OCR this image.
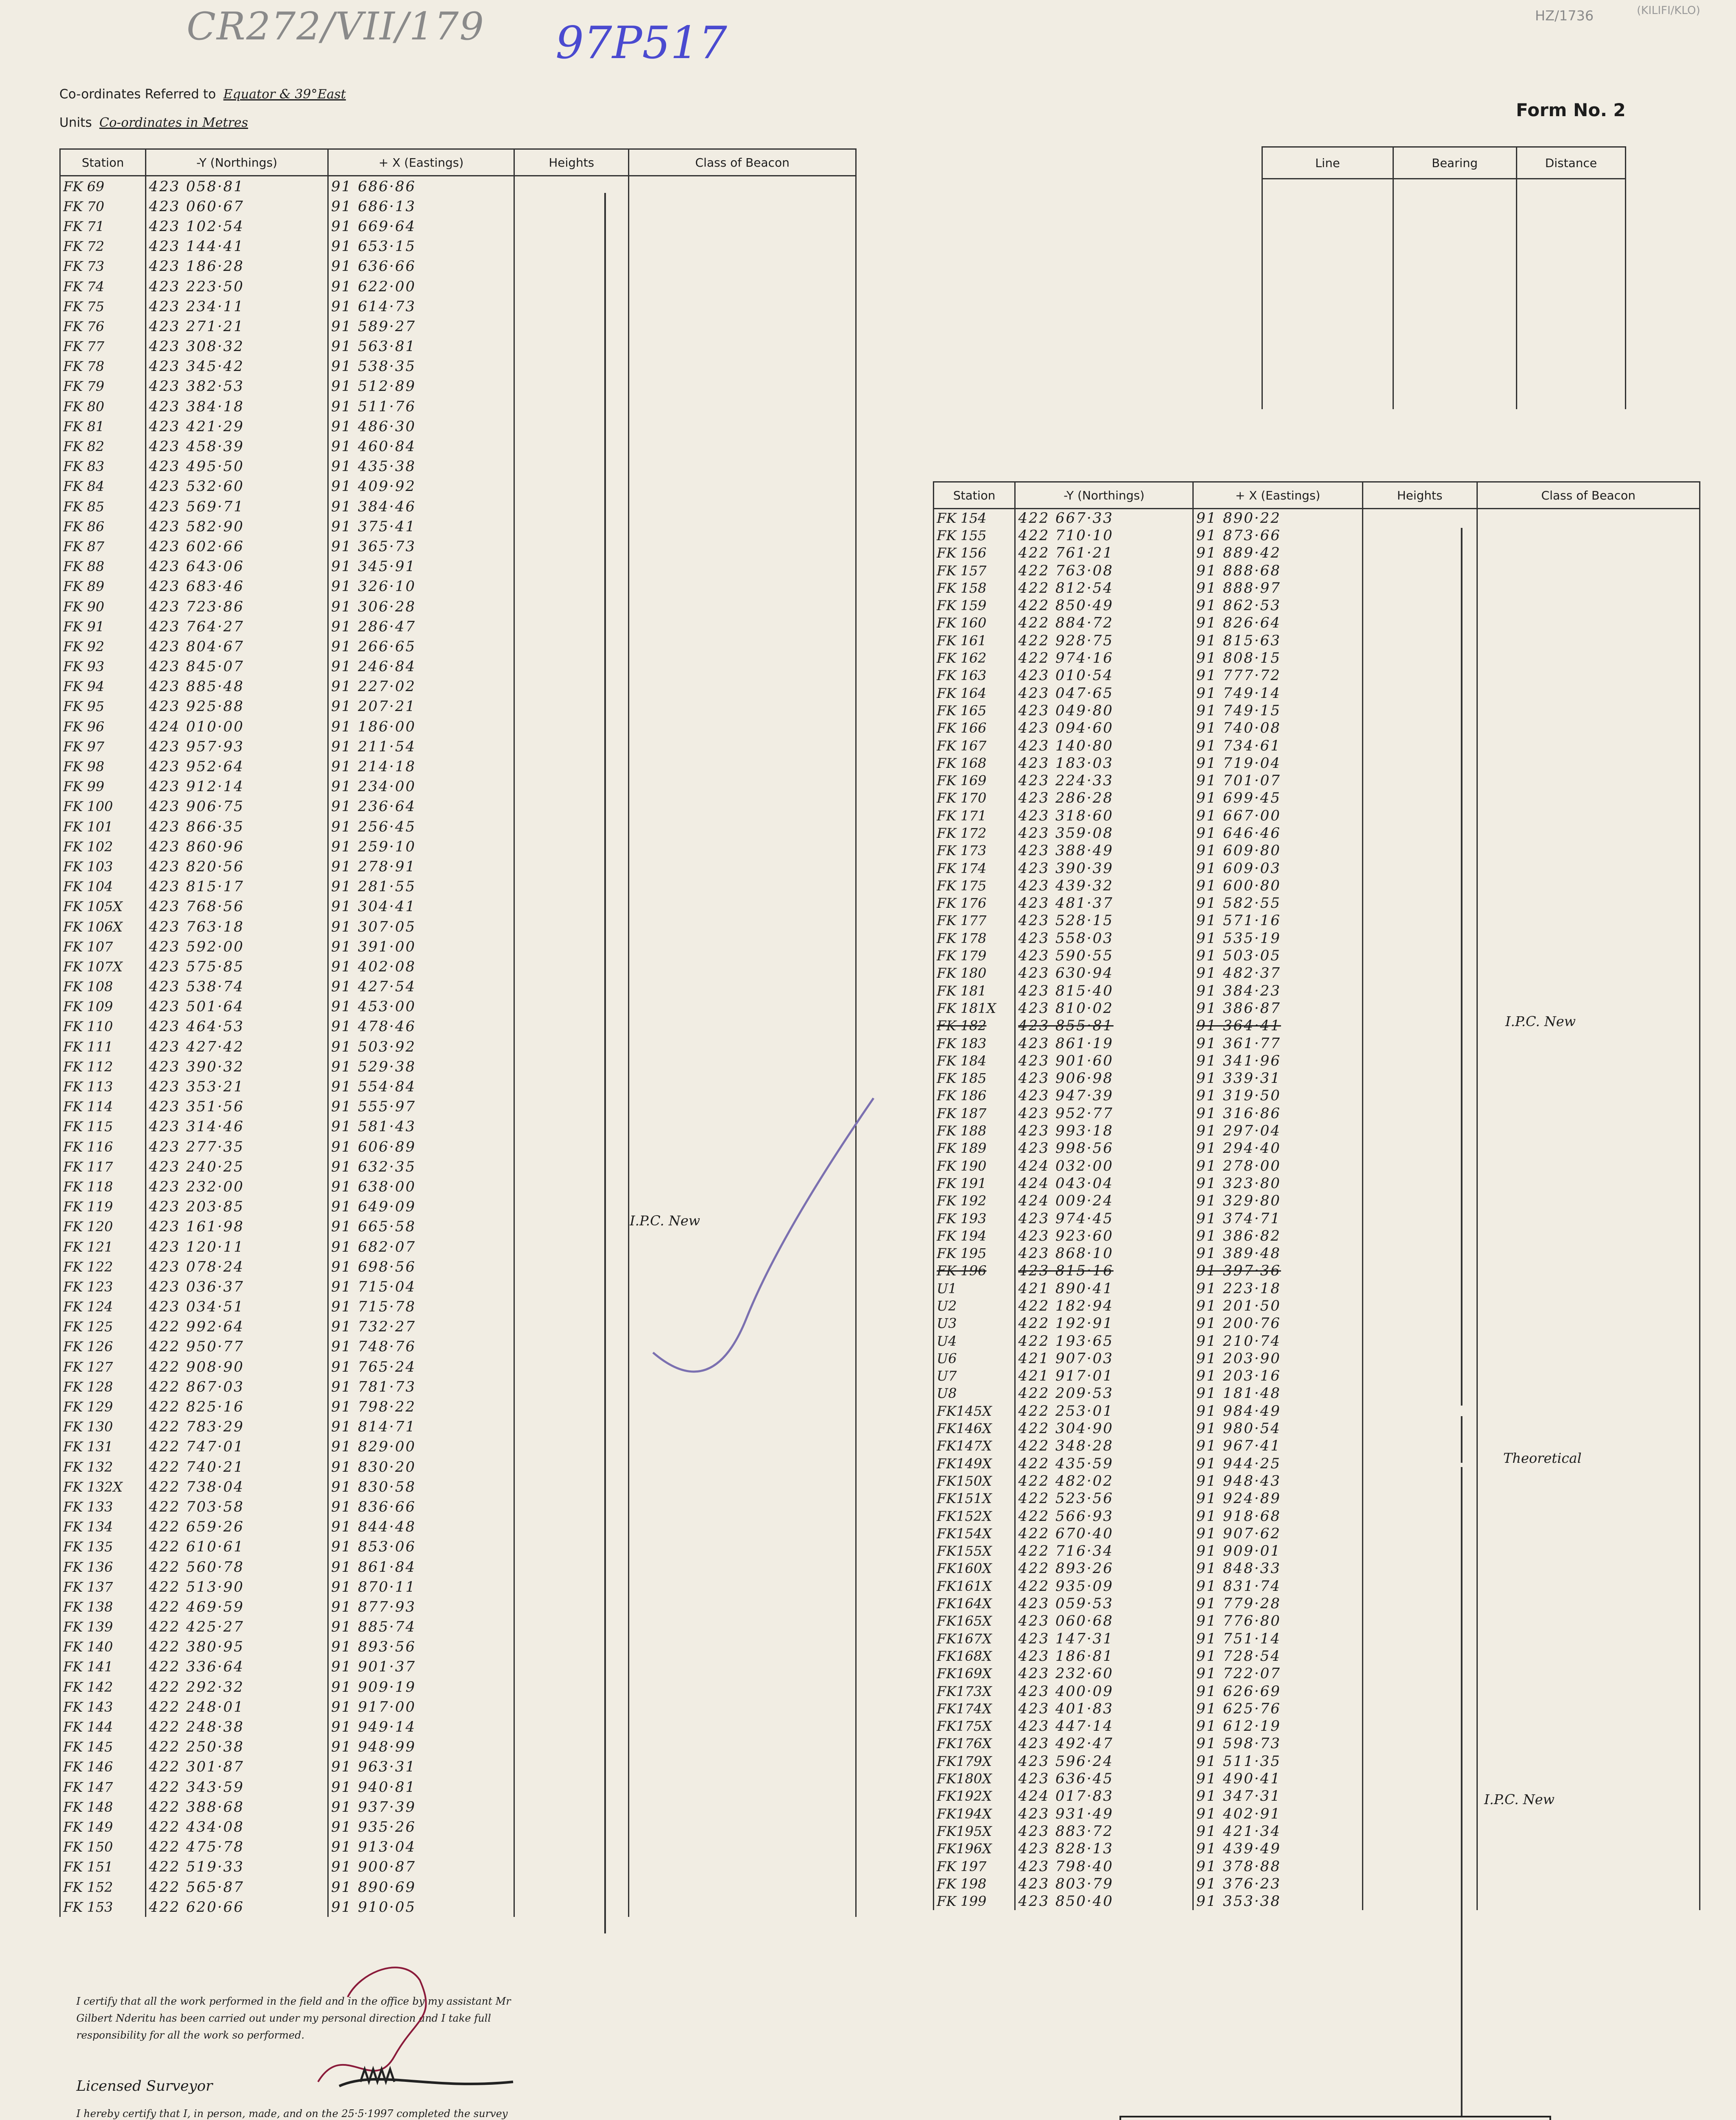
CR272/VII/179 97P517
HZ/1736	(KILIFI/KLO)
Co-ordinates Referred to Equator & 39°East
Units Co-ordinates in Metres
Form No. 2
Line	Bearing	Distance

Station	-Y (Northings)	+ X (Eastings)	Heights	Class of Beacon
FK 69	423 058·81	91 686·86		
FK 70	423 060·67	91 686·13		
FK 71	423 102·54	91 669·64		
FK 72	423 144·41	91 653·15		
FK 73	423 186·28	91 636·66		
FK 74	423 223·50	91 622·00		
FK 75	423 234·11	91 614·73		
FK 76	423 271·21	91 589·27		
FK 77	423 308·32	91 563·81		
FK 78	423 345·42	91 538·35		
FK 79	423 382·53	91 512·89		
FK 80	423 384·18	91 511·76		
FK 81	423 421·29	91 486·30		
FK 82	423 458·39	91 460·84		
FK 83	423 495·50	91 435·38		
FK 84	423 532·60	91 409·92		
FK 85	423 569·71	91 384·46		
FK 86	423 582·90	91 375·41		
FK 87	423 602·66	91 365·73		
FK 88	423 643·06	91 345·91		
FK 89	423 683·46	91 326·10		
FK 90	423 723·86	91 306·28		
FK 91	423 764·27	91 286·47		
FK 92	423 804·67	91 266·65		
FK 93	423 845·07	91 246·84		
FK 94	423 885·48	91 227·02		
FK 95	423 925·88	91 207·21		
FK 96	424 010·00	91 186·00		
FK 97	423 957·93	91 211·54		
FK 98	423 952·64	91 214·18		
FK 99	423 912·14	91 234·00		
FK 100	423 906·75	91 236·64		
FK 101	423 866·35	91 256·45		
FK 102	423 860·96	91 259·10		
FK 103	423 820·56	91 278·91		
FK 104	423 815·17	91 281·55		
FK 105X	423 768·56	91 304·41		
FK 106X	423 763·18	91 307·05		
FK 107	423 592·00	91 391·00		
FK 107X	423 575·85	91 402·08		
FK 108	423 538·74	91 427·54		
FK 109	423 501·64	91 453·00		
FK 110	423 464·53	91 478·46		
FK 111	423 427·42	91 503·92		
FK 112	423 390·32	91 529·38		
FK 113	423 353·21	91 554·84		
FK 114	423 351·56	91 555·97		
FK 115	423 314·46	91 581·43		
FK 116	423 277·35	91 606·89		
FK 117	423 240·25	91 632·35		
FK 118	423 232·00	91 638·00		
FK 119	423 203·85	91 649·09		
FK 120	423 161·98	91 665·58		
FK 121	423 120·11	91 682·07		
FK 122	423 078·24	91 698·56		
FK 123	423 036·37	91 715·04		
FK 124	423 034·51	91 715·78		
FK 125	422 992·64	91 732·27		
FK 126	422 950·77	91 748·76		
FK 127	422 908·90	91 765·24		
FK 128	422 867·03	91 781·73		
FK 129	422 825·16	91 798·22		
FK 130	422 783·29	91 814·71		
FK 131	422 747·01	91 829·00		
FK 132	422 740·21	91 830·20		
FK 132X	422 738·04	91 830·58		
FK 133	422 703·58	91 836·66		
FK 134	422 659·26	91 844·48		
FK 135	422 610·61	91 853·06		
FK 136	422 560·78	91 861·84		
FK 137	422 513·90	91 870·11		
FK 138	422 469·59	91 877·93		
FK 139	422 425·27	91 885·74		
FK 140	422 380·95	91 893·56		
FK 141	422 336·64	91 901·37		
FK 142	422 292·32	91 909·19		
FK 143	422 248·01	91 917·00		
FK 144	422 248·38	91 949·14		
FK 145	422 250·38	91 948·99		
FK 146	422 301·87	91 963·31		
FK 147	422 343·59	91 940·81		
FK 148	422 388·68	91 937·39		
FK 149	422 434·08	91 935·26		
FK 150	422 475·78	91 913·04		
FK 151	422 519·33	91 900·87		
FK 152	422 565·87	91 890·69		
FK 153	422 620·66	91 910·05		
I.P.C. New
Station	-Y (Northings)	+ X (Eastings)	Heights	Class of Beacon
FK 154	422 667·33	91 890·22		
FK 155	422 710·10	91 873·66		
FK 156	422 761·21	91 889·42		
FK 157	422 763·08	91 888·68		
FK 158	422 812·54	91 888·97		
FK 159	422 850·49	91 862·53		
FK 160	422 884·72	91 826·64		
FK 161	422 928·75	91 815·63		
FK 162	422 974·16	91 808·15		
FK 163	423 010·54	91 777·72		
FK 164	423 047·65	91 749·14		
FK 165	423 049·80	91 749·15		
FK 166	423 094·60	91 740·08		
FK 167	423 140·80	91 734·61		
FK 168	423 183·03	91 719·04		
FK 169	423 224·33	91 701·07		
FK 170	423 286·28	91 699·45		
FK 171	423 318·60	91 667·00		
FK 172	423 359·08	91 646·46		
FK 173	423 388·49	91 609·80		
FK 174	423 390·39	91 609·03		
FK 175	423 439·32	91 600·80		
FK 176	423 481·37	91 582·55		
FK 177	423 528·15	91 571·16		
FK 178	423 558·03	91 535·19		
FK 179	423 590·55	91 503·05		
FK 180	423 630·94	91 482·37		
FK 181	423 815·40	91 384·23		
FK 181X	423 810·02	91 386·87		
FK 182	423 855·81	91 364·41		
FK 183	423 861·19	91 361·77		
FK 184	423 901·60	91 341·96		
FK 185	423 906·98	91 339·31		
FK 186	423 947·39	91 319·50		
FK 187	423 952·77	91 316·86		
FK 188	423 993·18	91 297·04		
FK 189	423 998·56	91 294·40		
FK 190	424 032·00	91 278·00		
FK 191	424 043·04	91 323·80		
FK 192	424 009·24	91 329·80		
FK 193	423 974·45	91 374·71		
FK 194	423 923·60	91 386·82		
FK 195	423 868·10	91 389·48		
FK 196	423 815·16	91 397·36		
U1	421 890·41	91 223·18		
U2	422 182·94	91 201·50		
U3	422 192·91	91 200·76		
U4	422 193·65	91 210·74		
U6	421 907·03	91 203·90		
U7	421 917·01	91 203·16		
U8	422 209·53	91 181·48		
FK145X	422 253·01	91 984·49		
FK146X	422 304·90	91 980·54		
FK147X	422 348·28	91 967·41		
FK149X	422 435·59	91 944·25		
FK150X	422 482·02	91 948·43		
FK151X	422 523·56	91 924·89		
FK152X	422 566·93	91 918·68		
FK154X	422 670·40	91 907·62		
FK155X	422 716·34	91 909·01		
FK160X	422 893·26	91 848·33		
FK161X	422 935·09	91 831·74		
FK164X	423 059·53	91 779·28		
FK165X	423 060·68	91 776·80		
FK167X	423 147·31	91 751·14		
FK168X	423 186·81	91 728·54		
FK169X	423 232·60	91 722·07		
FK173X	423 400·09	91 626·69		
FK174X	423 401·83	91 625·76		
FK175X	423 447·14	91 612·19		
FK176X	423 492·47	91 598·73		
FK179X	423 596·24	91 511·35		
FK180X	423 636·45	91 490·41		
FK192X	424 017·83	91 347·31		
FK194X	423 931·49	91 402·91		
FK195X	423 883·72	91 421·34		
FK196X	423 828·13	91 439·49		
FK 197	423 798·40	91 378·88		
FK 198	423 803·79	91 376·23		
FK 199	423 850·40	91 353·38		
I.P.C. New
Theoretical
I.P.C. New
I certify that all the work performed in the field and in the office by my assistant Mr Gilbert Nderitu has been carried out under my personal direction and I take full responsibility for all the work so performed.
Licensed Surveyor
I hereby certify that I, in person, made, and on the 25·5·1997 completed the survey
